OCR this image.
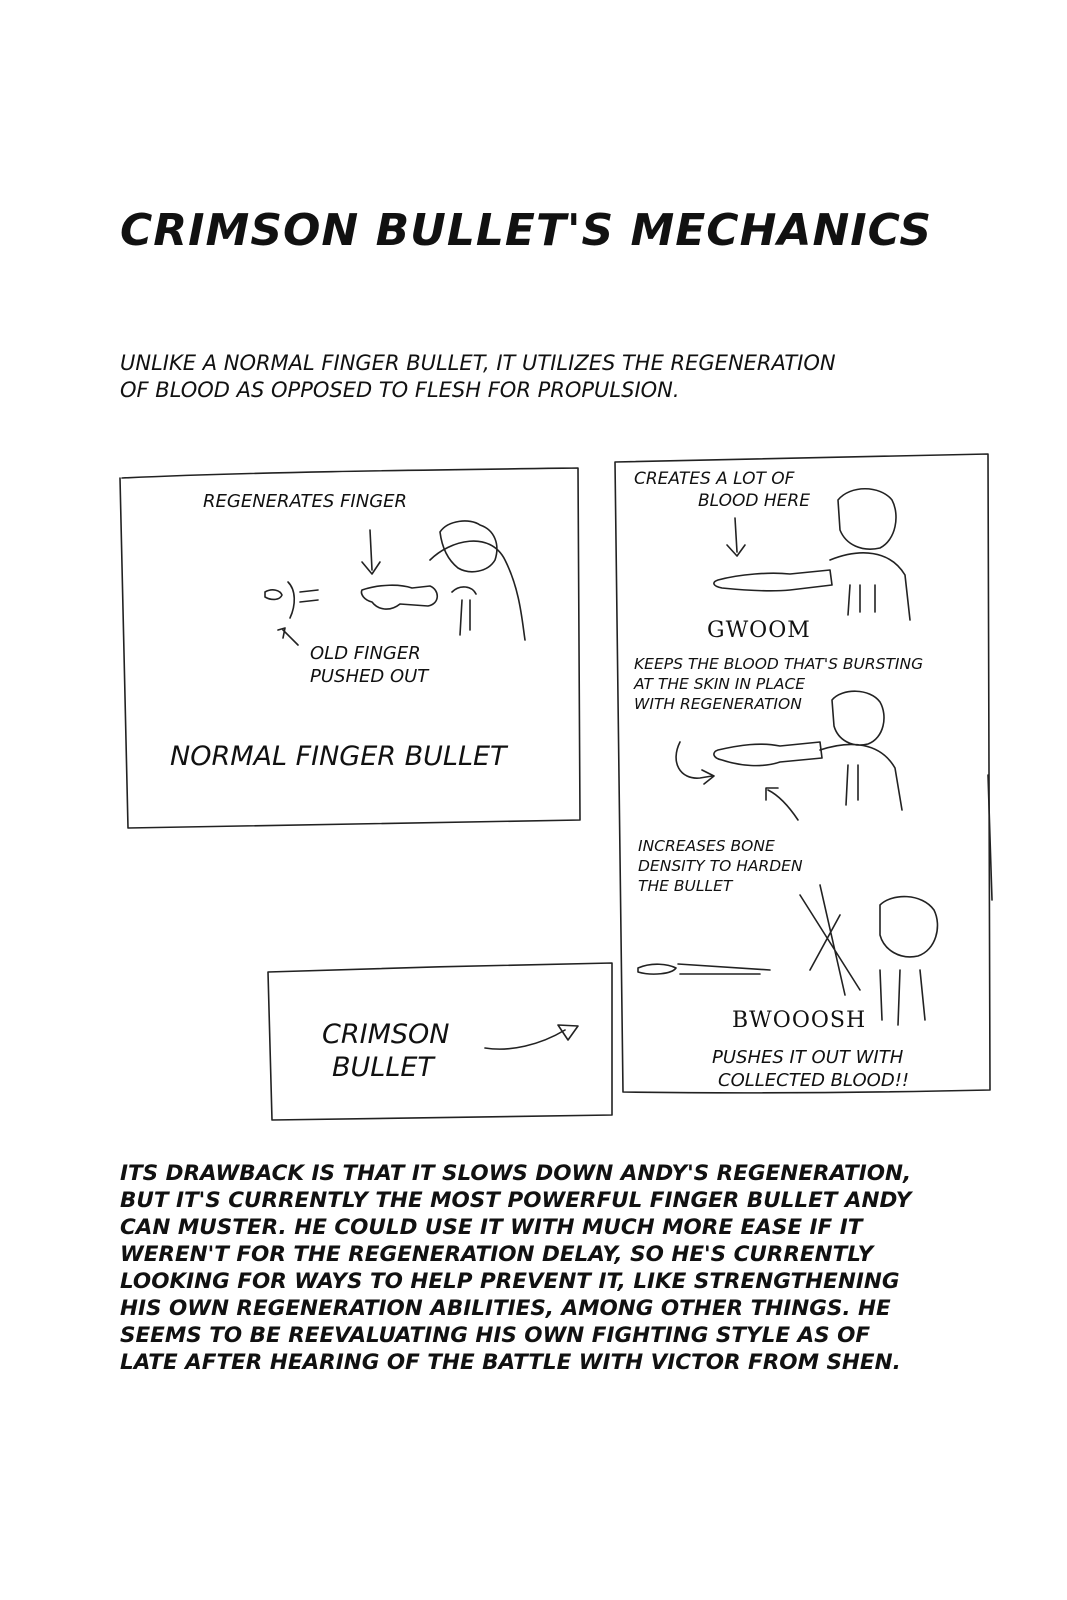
CRIMSON BULLET'S MECHANICS
UNLIKE A NORMAL FINGER BULLET, IT UTILIZES THE REGENERATION
OF BLOOD AS OPPOSED TO FLESH FOR PROPULSION.
REGENERATES FINGER
OLD FINGER
PUSHED OUT
NORMAL FINGER BULLET
CREATES A LOT OF
BLOOD HERE
GWOOM
KEEPS THE BLOOD THAT'S BURSTING
AT THE SKIN IN PLACE
WITH REGENERATION
INCREASES BONE
DENSITY TO HARDEN
THE BULLET
BWOOOSH
PUSHES IT OUT WITH
COLLECTED BLOOD!!
CRIMSON
BULLET
ITS DRAWBACK IS THAT IT SLOWS DOWN ANDY'S REGENERATION,
BUT IT'S CURRENTLY THE MOST POWERFUL FINGER BULLET ANDY
CAN MUSTER. HE COULD USE IT WITH MUCH MORE EASE IF IT
WEREN'T FOR THE REGENERATION DELAY, SO HE'S CURRENTLY
LOOKING FOR WAYS TO HELP PREVENT IT, LIKE STRENGTHENING
HIS OWN REGENERATION ABILITIES, AMONG OTHER THINGS. HE
SEEMS TO BE REEVALUATING HIS OWN FIGHTING STYLE AS OF
LATE AFTER HEARING OF THE BATTLE WITH VICTOR FROM SHEN.
